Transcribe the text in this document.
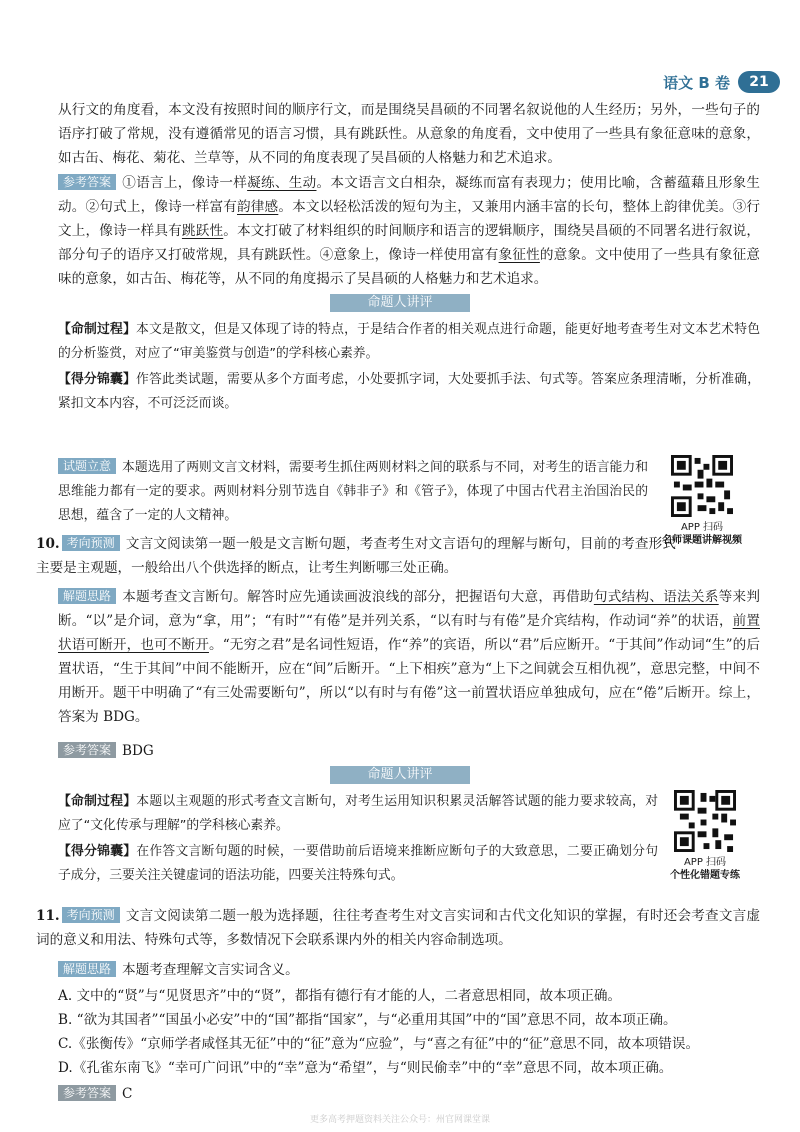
语文 B 卷	21
从行文的角度看，本文没有按照时间的顺序行文，而是围绕吴昌硕的不同署名叙说他的人生经历；另外，一些句子的语序打破了常规，没有遵循常见的语言习惯，具有跳跃性。从意象的角度看，文中使用了一些具有象征意味的意象，如古缶、梅花、菊花、兰草等，从不同的角度表现了吴昌硕的人格魅力和艺术追求。
参考答案 ①语言上，像诗一样凝练、生动。本文语言文白相杂，凝练而富有表现力；使用比喻，含蓄蕴藉且形象生动。②句式上，像诗一样富有韵律感。本文以轻松活泼的短句为主，又兼用内涵丰富的长句，整体上韵律优美。③行文上，像诗一样具有跳跃性。本文打破了材料组织的时间顺序和语言的逻辑顺序，围绕吴昌硕的不同署名进行叙说，部分句子的语序又打破常规，具有跳跃性。④意象上，像诗一样使用富有象征性的意象。文中使用了一些具有象征意味的意象，如古缶、梅花等，从不同的角度揭示了吴昌硕的人格魅力和艺术追求。
命题人讲评
【命制过程】本文是散文，但是又体现了诗的特点，于是结合作者的相关观点进行命题，能更好地考查考生对文本艺术特色的分析鉴赏，对应了“审美鉴赏与创造”的学科核心素养。
【得分锦囊】作答此类试题，需要从多个方面考虑，小处要抓字词，大处要抓手法、句式等。答案应条理清晰，分析准确，紧扣文本内容，不可泛泛而谈。
试题立意 本题选用了两则文言文材料，需要考生抓住两则材料之间的联系与不同，对考生的语言能力和思维能力都有一定的要求。两则材料分别节选自《韩非子》和《管子》，体现了中国古代君主治国治民的思想，蕴含了一定的人文精神。
APP 扫码
名师课题讲解视频
10. 考向预测 文言文阅读第一题一般是文言断句题，考查考生对文言语句的理解与断句，目前的考查形式主要是主观题，一般给出八个供选择的断点，让考生判断哪三处正确。
解题思路 本题考查文言断句。解答时应先通读画波浪线的部分，把握语句大意，再借助句式结构、语法关系等来判断。“以”是介词，意为“拿，用”；“有时”“有倦”是并列关系，“以有时与有倦”是介宾结构，作动词“养”的状语，前置状语可断开，也可不断开。“无穷之君”是名词性短语，作“养”的宾语，所以“君”后应断开。“于其间”作动词“生”的后置状语，“生于其间”中间不能断开，应在“间”后断开。“上下相疾”意为“上下之间就会互相仇视”，意思完整，中间不用断开。题干中明确了“有三处需要断句”，所以“以有时与有倦”这一前置状语应单独成句，应在“倦”后断开。综上，答案为 BDG。
参考答案 BDG
命题人讲评
【命制过程】本题以主观题的形式考查文言断句，对考生运用知识积累灵活解答试题的能力要求较高，对应了“文化传承与理解”的学科核心素养。
【得分锦囊】在作答文言断句题的时候，一要借助前后语境来推断应断句子的大致意思，二要正确划分句子成分，三要关注关键虚词的语法功能，四要关注特殊句式。
APP 扫码
个性化错题专练
11. 考向预测 文言文阅读第二题一般为选择题，往往考查考生对文言实词和古代文化知识的掌握，有时还会考查文言虚词的意义和用法、特殊句式等，多数情况下会联系课内外的相关内容命制选项。
解题思路 本题考查理解文言实词含义。
A. 文中的“贤”与“见贤思齐”中的“贤”，都指有德行有才能的人，二者意思相同，故本项正确。
B. “欲为其国者”“国虽小必安”中的“国”都指“国家”，与“必重用其国”中的“国”意思不同，故本项正确。
C.《张衡传》“京师学者咸怪其无征”中的“征”意为“应验”，与“喜之有征”中的“征”意思不同，故本项错误。
D.《孔雀东南飞》“幸可广问讯”中的“幸”意为“希望”，与“则民偷幸”中的“幸”意思不同，故本项正确。
参考答案 C
更多高考押题资料关注公众号：州官网课堂课
